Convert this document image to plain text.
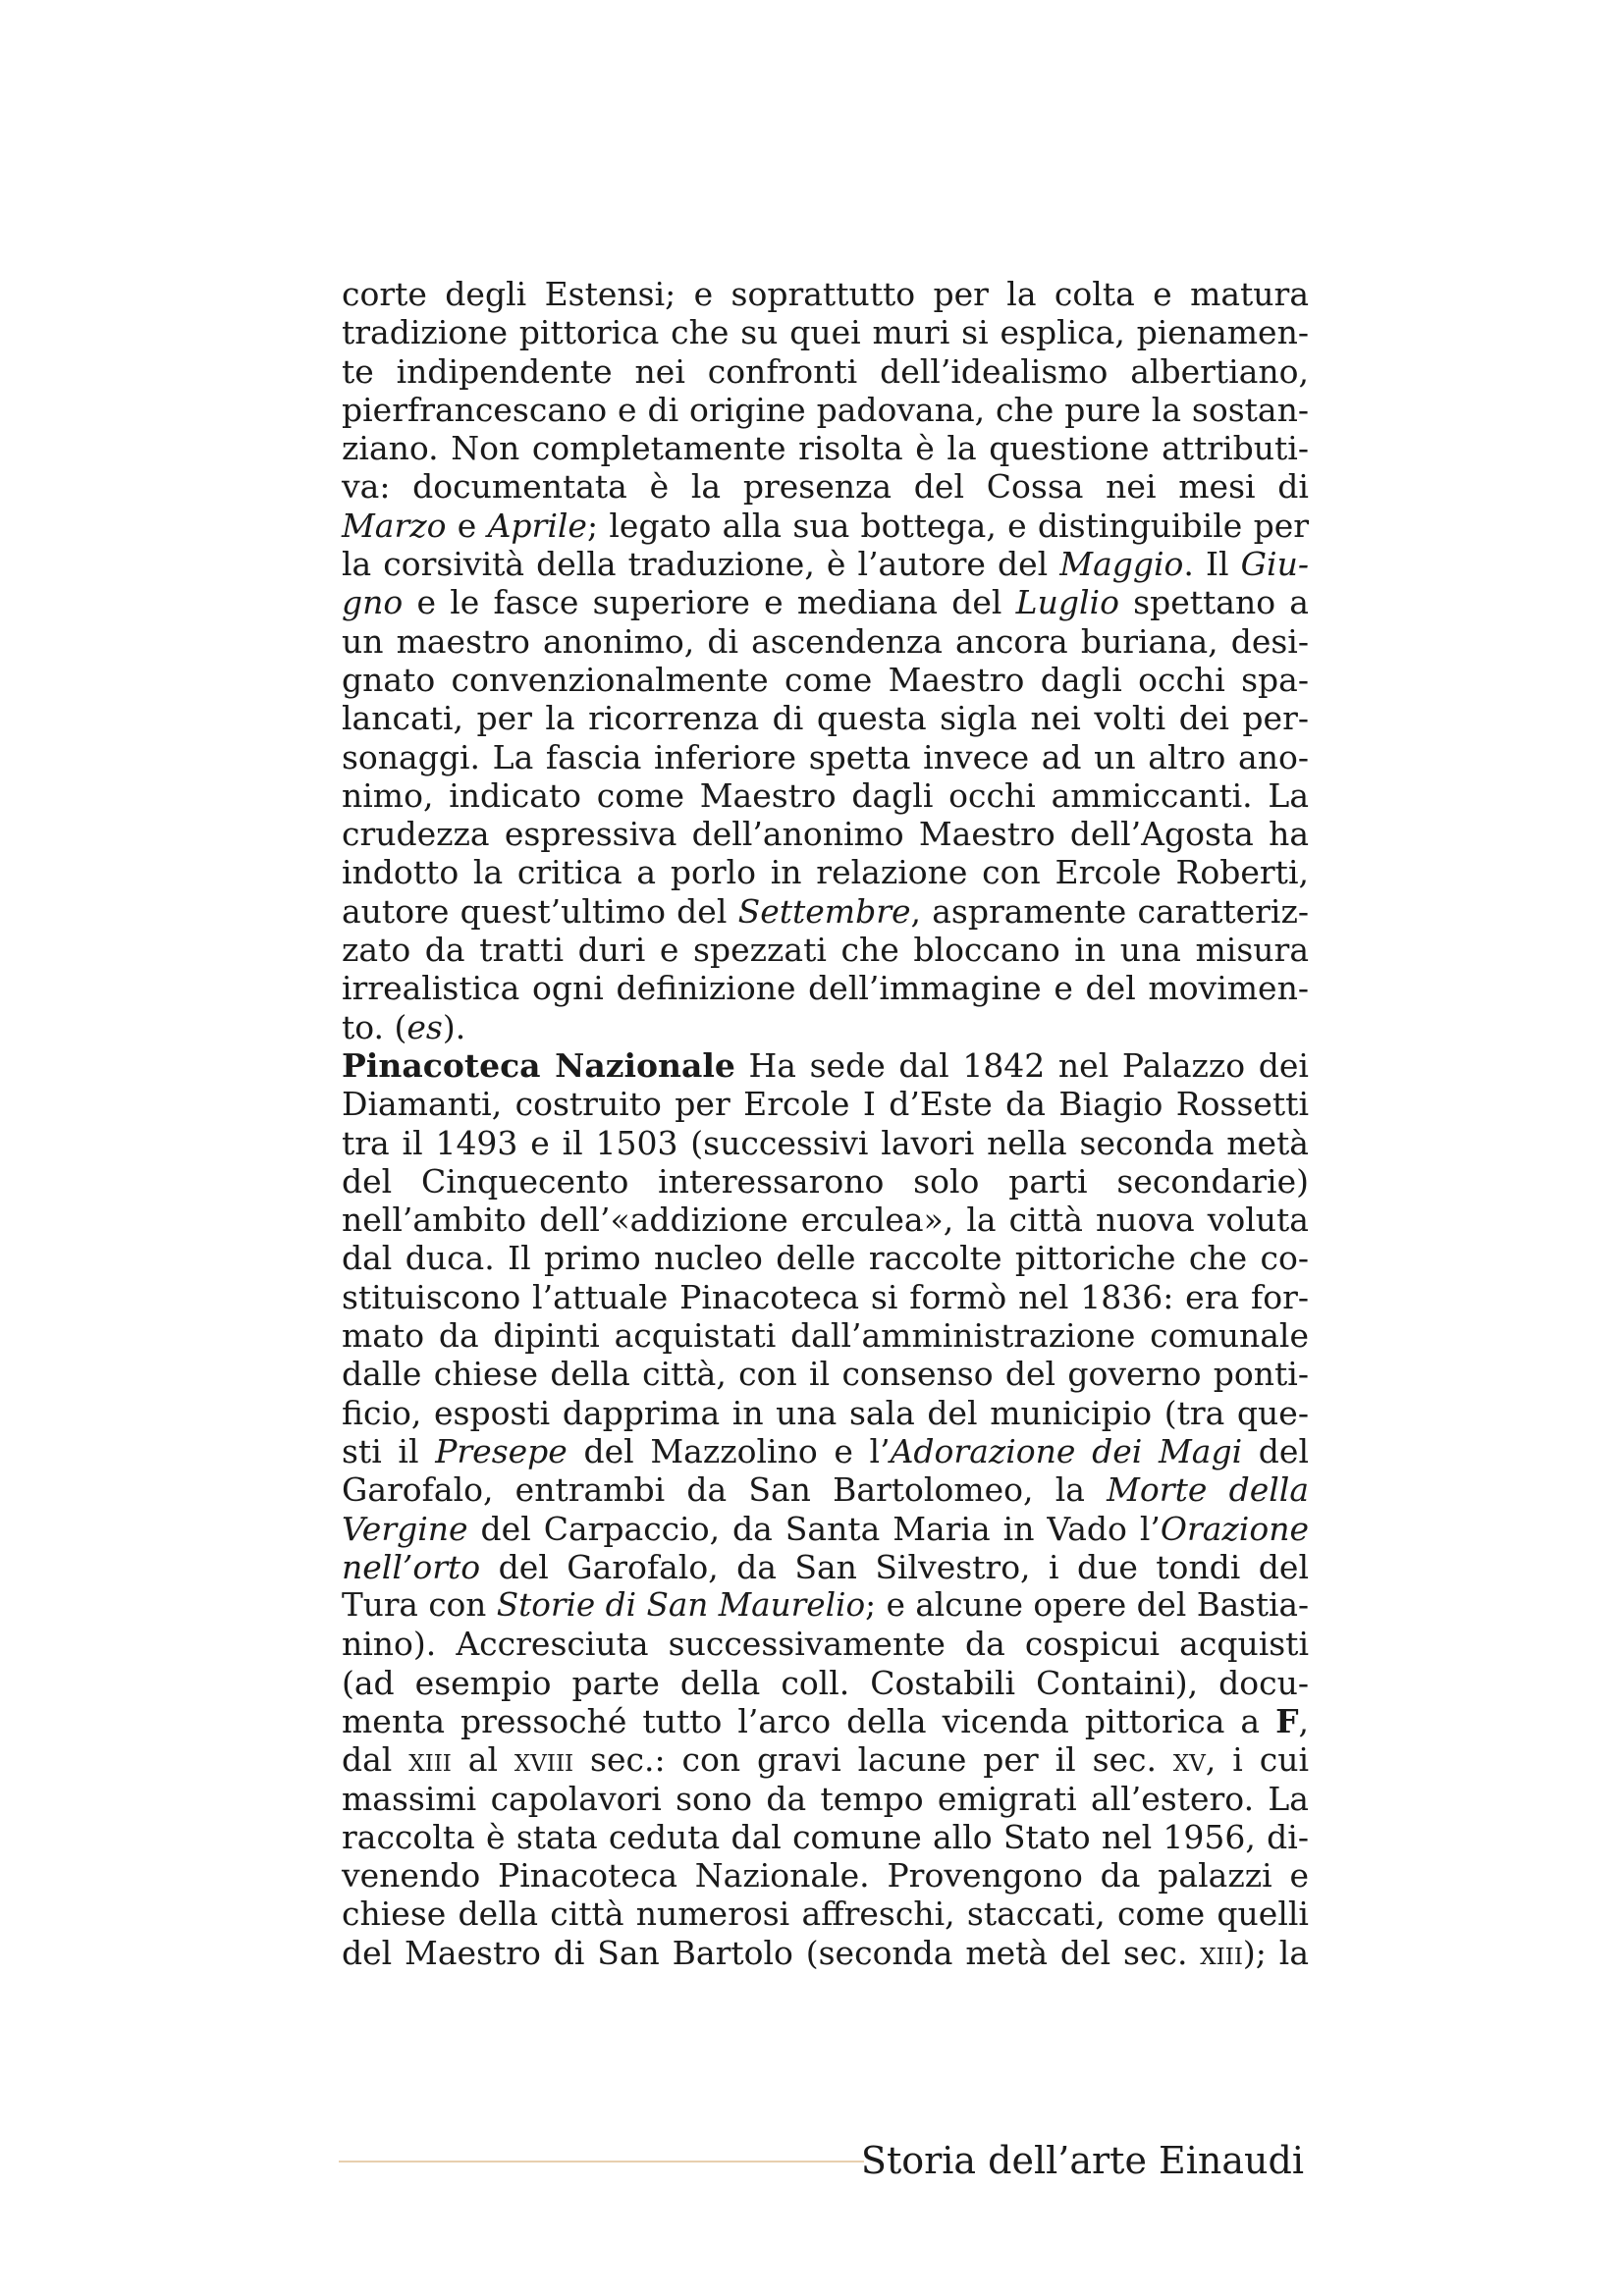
corte degli Estensi; e soprattutto per la colta e matura
tradizione pittorica che su quei muri si esplica, pienamen-
te indipendente nei confronti dell’idealismo albertiano,
pierfrancescano e di origine padovana, che pure la sostan-
ziano. Non completamente risolta è la questione attributi-
va: documentata è la presenza del Cossa nei mesi di
Marzo e Aprile; legato alla sua bottega, e distinguibile per
la corsività della traduzione, è l’autore del Maggio. Il Giu-
gno e le fasce superiore e mediana del Luglio spettano a
un maestro anonimo, di ascendenza ancora buriana, desi-
gnato convenzionalmente come Maestro dagli occhi spa-
lancati, per la ricorrenza di questa sigla nei volti dei per-
sonaggi. La fascia inferiore spetta invece ad un altro ano-
nimo, indicato come Maestro dagli occhi ammiccanti. La
crudezza espressiva dell’anonimo Maestro dell’Agosta ha
indotto la critica a porlo in relazione con Ercole Roberti,
autore quest’ultimo del Settembre, aspramente caratteriz-
zato da tratti duri e spezzati che bloccano in una misura
irrealistica ogni definizione dell’immagine e del movimen-
to. (es).
Pinacoteca Nazionale Ha sede dal 1842 nel Palazzo dei
Diamanti, costruito per Ercole I d’Este da Biagio Rossetti
tra il 1493 e il 1503 (successivi lavori nella seconda metà
del Cinquecento interessarono solo parti secondarie)
nell’ambito dell’«addizione erculea», la città nuova voluta
dal duca. Il primo nucleo delle raccolte pittoriche che co-
stituiscono l’attuale Pinacoteca si formò nel 1836: era for-
mato da dipinti acquistati dall’amministrazione comunale
dalle chiese della città, con il consenso del governo ponti-
ficio, esposti dapprima in una sala del municipio (tra que-
sti il Presepe del Mazzolino e l’Adorazione dei Magi del
Garofalo, entrambi da San Bartolomeo, la Morte della
Vergine del Carpaccio, da Santa Maria in Vado l’Orazione
nell’orto del Garofalo, da San Silvestro, i due tondi del
Tura con Storie di San Maurelio; e alcune opere del Bastia-
nino). Accresciuta successivamente da cospicui acquisti
(ad esempio parte della coll. Costabili Containi), docu-
menta pressoché tutto l’arco della vicenda pittorica a F,
dal xiii al xviii sec.: con gravi lacune per il sec. xv, i cui
massimi capolavori sono da tempo emigrati all’estero. La
raccolta è stata ceduta dal comune allo Stato nel 1956, di-
venendo Pinacoteca Nazionale. Provengono da palazzi e
chiese della città numerosi affreschi, staccati, come quelli
del Maestro di San Bartolo (seconda metà del sec. xiii); la
Storia dell’arte Einaudi
